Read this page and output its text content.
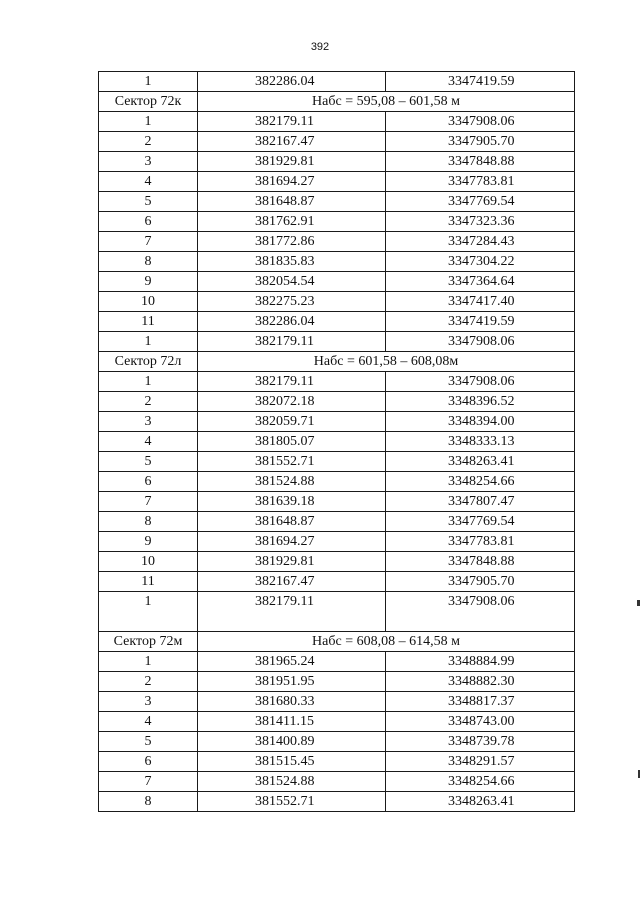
392
1	382286.04	3347419.59
Сектор 72к	Набс = 595,08 – 601,58 м	
1	382179.11	3347908.06
2	382167.47	3347905.70
3	381929.81	3347848.88
4	381694.27	3347783.81
5	381648.87	3347769.54
6	381762.91	3347323.36
7	381772.86	3347284.43
8	381835.83	3347304.22
9	382054.54	3347364.64
10	382275.23	3347417.40
11	382286.04	3347419.59
1	382179.11	3347908.06
Сектор 72л	Набс = 601,58 – 608,08м	
1	382179.11	3347908.06
2	382072.18	3348396.52
3	382059.71	3348394.00
4	381805.07	3348333.13
5	381552.71	3348263.41
6	381524.88	3348254.66
7	381639.18	3347807.47
8	381648.87	3347769.54
9	381694.27	3347783.81
10	381929.81	3347848.88
11	382167.47	3347905.70
1	382179.11	3347908.06
Сектор 72м	Набс = 608,08 – 614,58 м	
1	381965.24	3348884.99
2	381951.95	3348882.30
3	381680.33	3348817.37
4	381411.15	3348743.00
5	381400.89	3348739.78
6	381515.45	3348291.57
7	381524.88	3348254.66
8	381552.71	3348263.41
